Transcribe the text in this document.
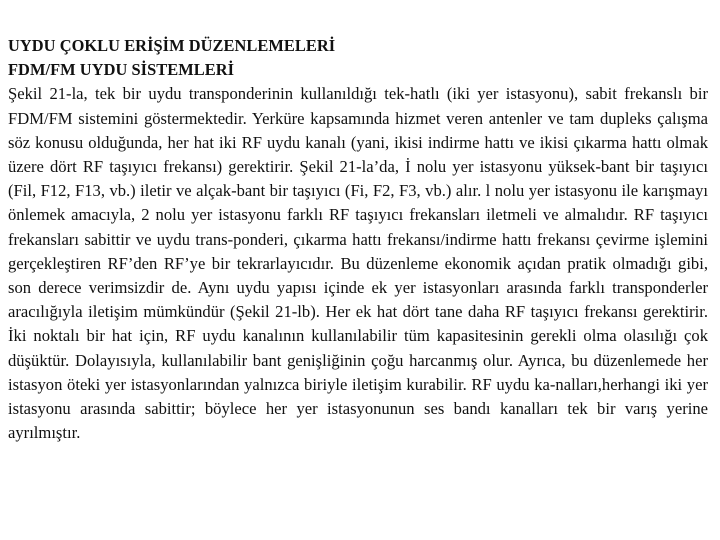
UYDU ÇOKLU ERİŞİM DÜZENLEMELERİ

FDM/FM UYDU SİSTEMLERİ

Şekil 21-la, tek bir uydu transponderinin kullanıldığı tek-hatlı (iki yer istasyonu), sabit frekanslı bir FDM/FM sistemini göstermektedir. Yerküre kapsamında hizmet veren antenler ve tam dupleks çalışma söz konusu olduğunda, her hat iki RF uydu kanalı (yani, ikisi indirme hattı ve ikisi çıkarma hattı olmak üzere dört RF taşıyıcı frekansı) gerektirir. Şekil 21-la’da, İ nolu yer istasyonu yüksek-bant bir taşıyıcı (Fil, F12, F13, vb.) iletir ve alçak-bant bir taşıyıcı (Fi, F2, F3, vb.) alır. l nolu yer istasyonu ile karışmayı önlemek amacıyla, 2 nolu yer istasyonu farklı RF taşıyıcı frekansları iletmeli ve almalıdır. RF taşıyıcı frekansları sabittir ve uydu trans-ponderi, çıkarma hattı frekansı/indirme hattı frekansı çevirme işlemini gerçekleştiren RF’den RF’ye bir tekrarlayıcıdır. Bu düzenleme ekonomik açıdan pratik olmadığı gibi, son derece verimsizdir de. Aynı uydu yapısı içinde ek yer istasyonları arasında farklı transponderler aracılığıyla iletişim mümkündür (Şekil 21-lb). Her ek hat dört tane daha RF taşıyıcı frekansı gerektirir. İki noktalı bir hat için, RF uydu kanalının kullanılabilir tüm kapasitesinin gerekli olma olasılığı çok düşüktür. Dolayısıyla, kullanılabilir bant genişliğinin çoğu harcanmış olur. Ayrıca, bu düzenlemede her istasyon öteki yer istasyonlarından yalnızca biriyle iletişim kurabilir. RF uydu ka-nalları,herhangi iki yer istasyonu arasında sabittir; böylece her yer istasyonunun ses bandı kanalları tek bir varış yerine ayrılmıştır.
